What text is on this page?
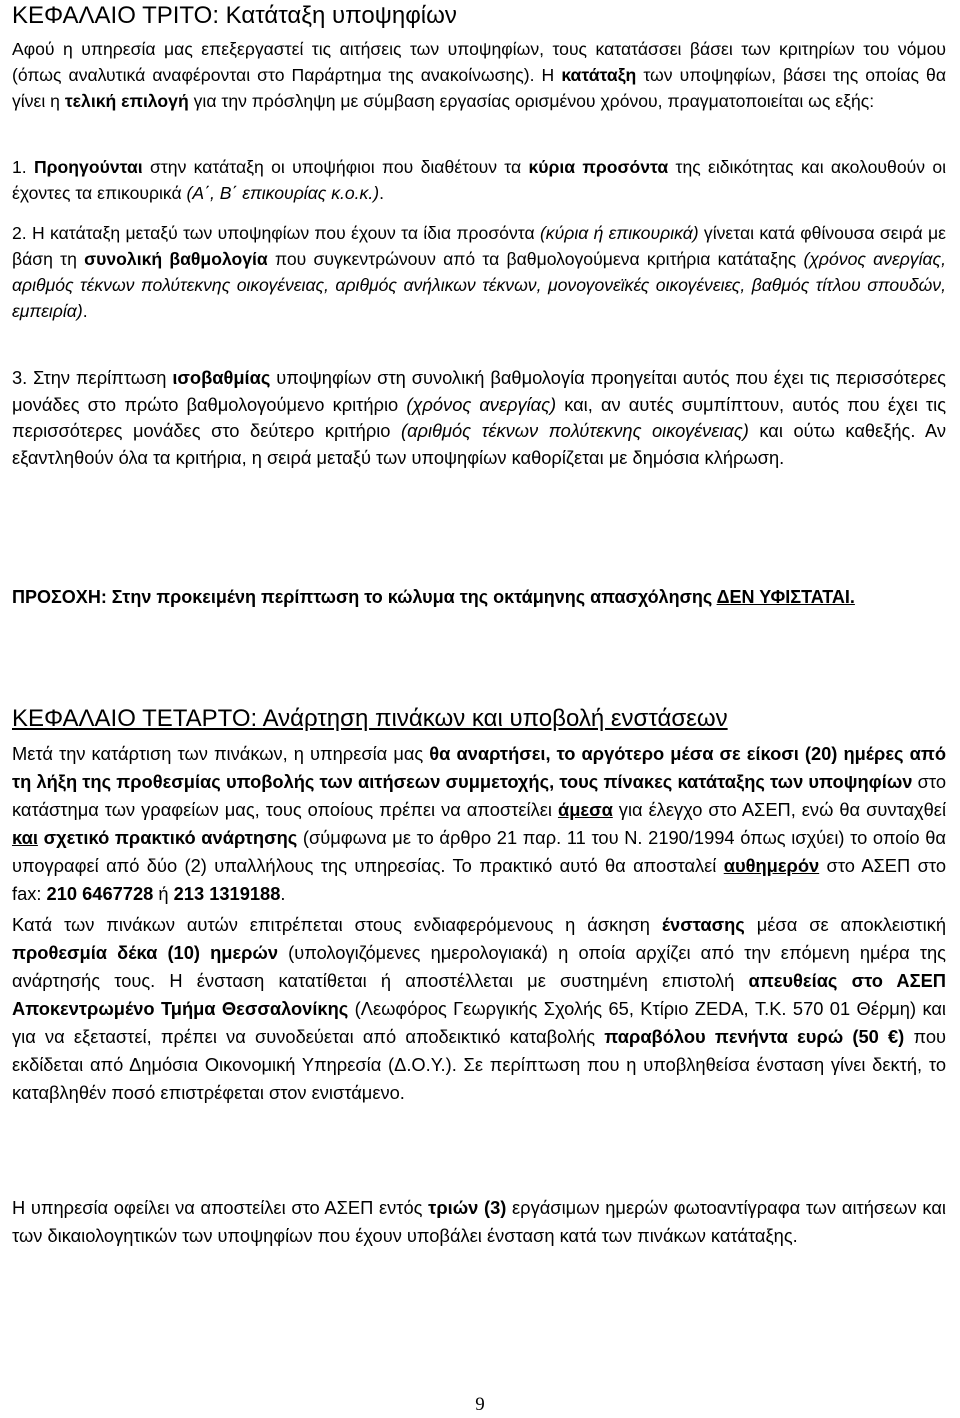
ΚΕΦΑΛΑΙΟ ΤΡΙΤΟ: Κατάταξη υποψηφίων

Αφού η υπηρεσία μας επεξεργαστεί τις αιτήσεις των υποψηφίων, τους κατατάσσει βάσει των κριτηρίων του νόμου (όπως αναλυτικά αναφέρονται στο Παράρτημα της ανακοίνωσης). Η κατάταξη των υποψηφίων, βάσει της οποίας θα γίνει η τελική επιλογή για την πρόσληψη με σύμβαση εργασίας ορισμένου χρόνου, πραγματοποιείται ως εξής:

1. Προηγούνται στην κατάταξη οι υποψήφιοι που διαθέτουν τα κύρια προσόντα της ειδικότητας και ακολουθούν οι έχοντες τα επικουρικά (Α΄, Β΄ επικουρίας κ.ο.κ.).

2. Η κατάταξη μεταξύ των υποψηφίων που έχουν τα ίδια προσόντα (κύρια ή επικουρικά) γίνεται κατά φθίνουσα σειρά με βάση τη συνολική βαθμολογία που συγκεντρώνουν από τα βαθμολογούμενα κριτήρια κατάταξης (χρόνος ανεργίας, αριθμός τέκνων πολύτεκνης οικογένειας, αριθμός ανήλικων τέκνων, μονογονεϊκές οικογένειες, βαθμός τίτλου σπουδών, εμπειρία).

3. Στην περίπτωση ισοβαθμίας υποψηφίων στη συνολική βαθμολογία προηγείται αυτός που έχει τις περισσότερες μονάδες στο πρώτο βαθμολογούμενο κριτήριο (χρόνος ανεργίας) και, αν αυτές συμπίπτουν, αυτός που έχει τις περισσότερες μονάδες στο δεύτερο κριτήριο (αριθμός τέκνων πολύτεκνης οικογένειας) και ούτω καθεξής. Αν εξαντληθούν όλα τα κριτήρια, η σειρά μεταξύ των υποψηφίων καθορίζεται με δημόσια κλήρωση.

ΠΡΟΣΟΧΗ: Στην προκειμένη περίπτωση το κώλυμα της οκτάμηνης απασχόλησης ΔΕΝ ΥΦΙΣΤΑΤΑΙ.

ΚΕΦΑΛΑΙΟ ΤΕΤΑΡΤΟ: Ανάρτηση πινάκων και υποβολή ενστάσεων

Μετά την κατάρτιση των πινάκων, η υπηρεσία μας θα αναρτήσει, το αργότερο μέσα σε είκοσι (20) ημέρες από τη λήξη της προθεσμίας υποβολής των αιτήσεων συμμετοχής, τους πίνακες κατάταξης των υποψηφίων στο κατάστημα των γραφείων μας, τους οποίους πρέπει να αποστείλει άμεσα για έλεγχο στο ΑΣΕΠ, ενώ θα συνταχθεί και σχετικό πρακτικό ανάρτησης (σύμφωνα με το άρθρο 21 παρ. 11 του Ν. 2190/1994 όπως ισχύει) το οποίο θα υπογραφεί από δύο (2) υπαλλήλους της υπηρεσίας. Το πρακτικό αυτό θα αποσταλεί αυθημερόν στο ΑΣΕΠ στο fax: 210 6467728 ή 213 1319188.

Κατά των πινάκων αυτών επιτρέπεται στους ενδιαφερόμενους η άσκηση ένστασης μέσα σε αποκλειστική προθεσμία δέκα (10) ημερών (υπολογιζόμενες ημερολογιακά) η οποία αρχίζει από την επόμενη ημέρα της ανάρτησής τους. Η ένσταση κατατίθεται ή αποστέλλεται με συστημένη επιστολή απευθείας στο ΑΣΕΠ Αποκεντρωμένο Τμήμα Θεσσαλονίκης (Λεωφόρος Γεωργικής Σχολής 65, Κτίριο ZEDA, Τ.Κ. 570 01 Θέρμη) και για να εξεταστεί, πρέπει να συνοδεύεται από αποδεικτικό καταβολής παραβόλου πενήντα ευρώ (50 €) που εκδίδεται από Δημόσια Οικονομική Υπηρεσία (Δ.Ο.Υ.). Σε περίπτωση που η υποβληθείσα ένσταση γίνει δεκτή, το καταβληθέν ποσό επιστρέφεται στον ενιστάμενο.

Η υπηρεσία οφείλει να αποστείλει στο ΑΣΕΠ εντός τριών (3) εργάσιμων ημερών φωτοαντίγραφα των αιτήσεων και των δικαιολογητικών των υποψηφίων που έχουν υποβάλει ένσταση κατά των πινάκων κατάταξης.

9
